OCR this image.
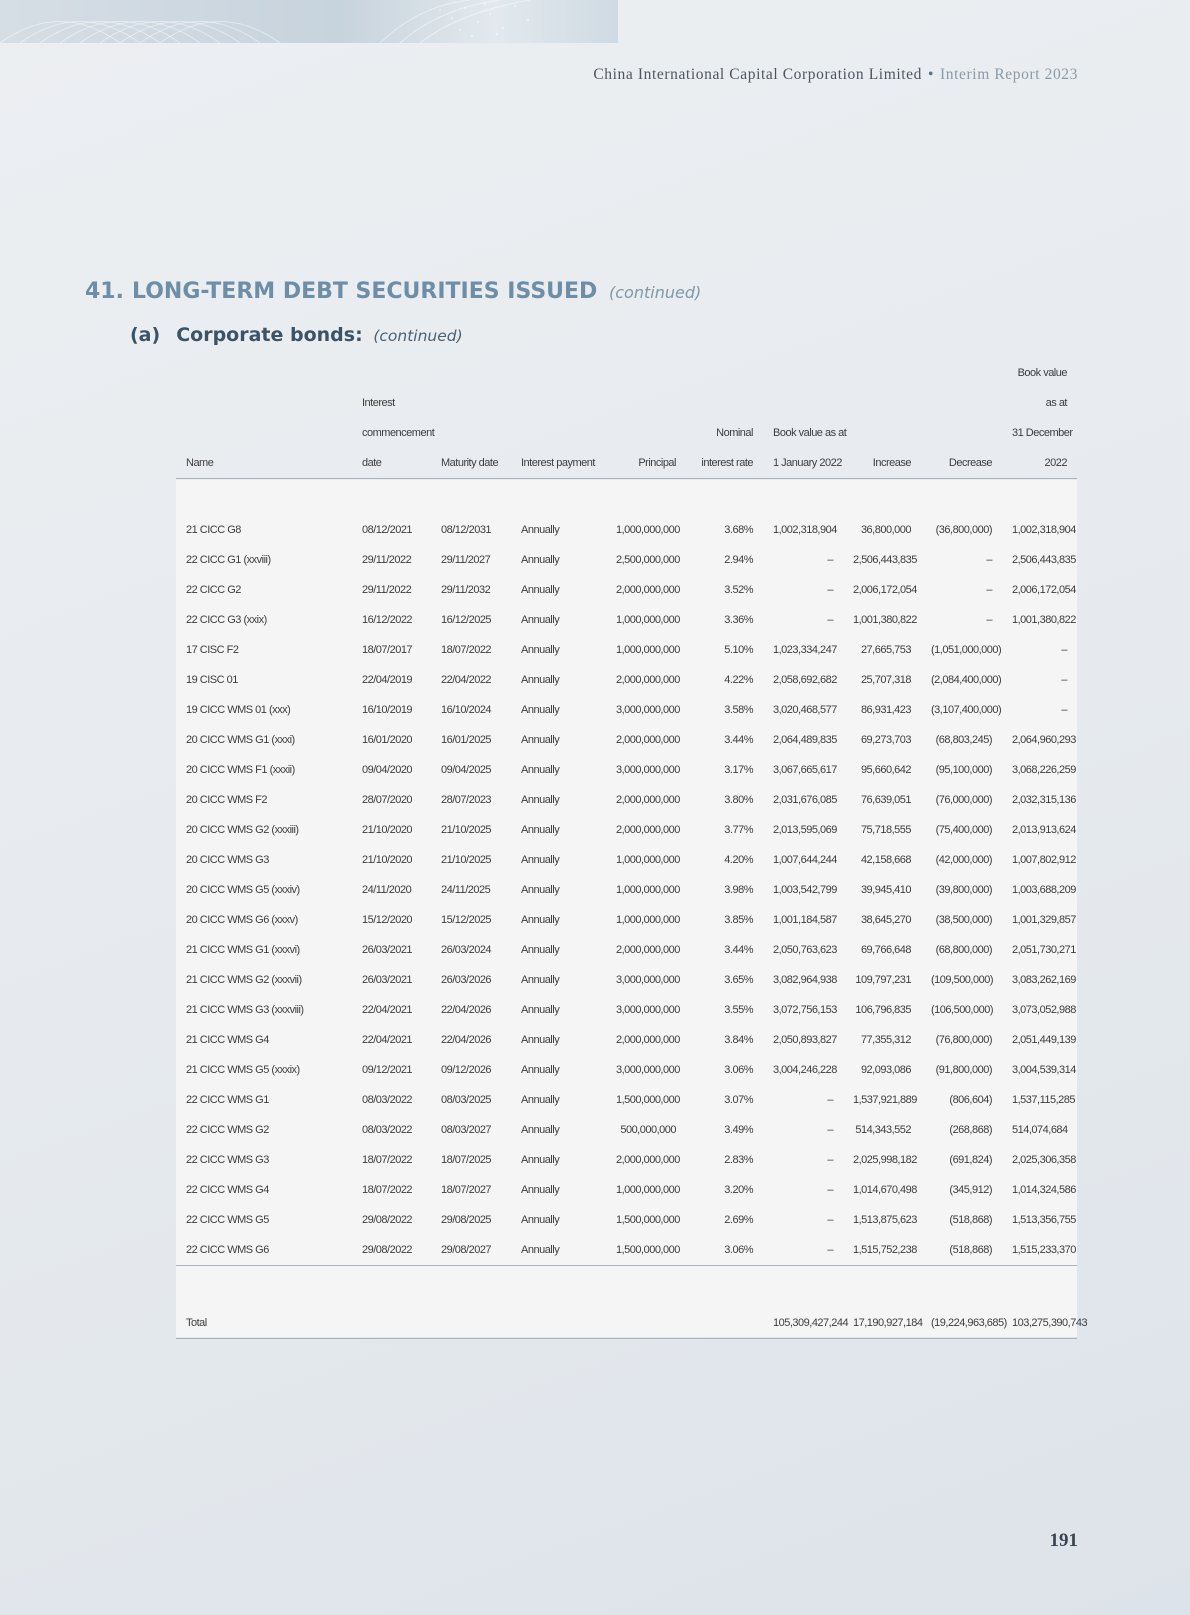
China International Capital Corporation Limited • Interim Report 2023
41. LONG-TERM DEBT SECURITIES ISSUED (continued)
(a) Corporate bonds: (continued)
									Book value
	Interest								as at
	commencement				Nominal	Book value as at			31 December
Name	date	Maturity date	Interest payment	Principal	interest rate	1 January 2022	Increase	Decrease	2022

21 CICC G8	08/12/2021	08/12/2031	Annually	1,000,000,000	3.68%	1,002,318,904	36,800,000	(36,800,000)	1,002,318,904
22 CICC G1 (xxviii)	29/11/2022	29/11/2027	Annually	2,500,000,000	2.94%	–	2,506,443,835	–	2,506,443,835
22 CICC G2	29/11/2022	29/11/2032	Annually	2,000,000,000	3.52%	–	2,006,172,054	–	2,006,172,054
22 CICC G3 (xxix)	16/12/2022	16/12/2025	Annually	1,000,000,000	3.36%	–	1,001,380,822	–	1,001,380,822
17 CISC F2	18/07/2017	18/07/2022	Annually	1,000,000,000	5.10%	1,023,334,247	27,665,753	(1,051,000,000)	–
19 CISC 01	22/04/2019	22/04/2022	Annually	2,000,000,000	4.22%	2,058,692,682	25,707,318	(2,084,400,000)	–
19 CICC WMS 01 (xxx)	16/10/2019	16/10/2024	Annually	3,000,000,000	3.58%	3,020,468,577	86,931,423	(3,107,400,000)	–
20 CICC WMS G1 (xxxi)	16/01/2020	16/01/2025	Annually	2,000,000,000	3.44%	2,064,489,835	69,273,703	(68,803,245)	2,064,960,293
20 CICC WMS F1 (xxxii)	09/04/2020	09/04/2025	Annually	3,000,000,000	3.17%	3,067,665,617	95,660,642	(95,100,000)	3,068,226,259
20 CICC WMS F2	28/07/2020	28/07/2023	Annually	2,000,000,000	3.80%	2,031,676,085	76,639,051	(76,000,000)	2,032,315,136
20 CICC WMS G2 (xxxiii)	21/10/2020	21/10/2025	Annually	2,000,000,000	3.77%	2,013,595,069	75,718,555	(75,400,000)	2,013,913,624
20 CICC WMS G3	21/10/2020	21/10/2025	Annually	1,000,000,000	4.20%	1,007,644,244	42,158,668	(42,000,000)	1,007,802,912
20 CICC WMS G5 (xxxiv)	24/11/2020	24/11/2025	Annually	1,000,000,000	3.98%	1,003,542,799	39,945,410	(39,800,000)	1,003,688,209
20 CICC WMS G6 (xxxv)	15/12/2020	15/12/2025	Annually	1,000,000,000	3.85%	1,001,184,587	38,645,270	(38,500,000)	1,001,329,857
21 CICC WMS G1 (xxxvi)	26/03/2021	26/03/2024	Annually	2,000,000,000	3.44%	2,050,763,623	69,766,648	(68,800,000)	2,051,730,271
21 CICC WMS G2 (xxxvii)	26/03/2021	26/03/2026	Annually	3,000,000,000	3.65%	3,082,964,938	109,797,231	(109,500,000)	3,083,262,169
21 CICC WMS G3 (xxxviii)	22/04/2021	22/04/2026	Annually	3,000,000,000	3.55%	3,072,756,153	106,796,835	(106,500,000)	3,073,052,988
21 CICC WMS G4	22/04/2021	22/04/2026	Annually	2,000,000,000	3.84%	2,050,893,827	77,355,312	(76,800,000)	2,051,449,139
21 CICC WMS G5 (xxxix)	09/12/2021	09/12/2026	Annually	3,000,000,000	3.06%	3,004,246,228	92,093,086	(91,800,000)	3,004,539,314
22 CICC WMS G1	08/03/2022	08/03/2025	Annually	1,500,000,000	3.07%	–	1,537,921,889	(806,604)	1,537,115,285
22 CICC WMS G2	08/03/2022	08/03/2027	Annually	500,000,000	3.49%	–	514,343,552	(268,868)	514,074,684
22 CICC WMS G3	18/07/2022	18/07/2025	Annually	2,000,000,000	2.83%	–	2,025,998,182	(691,824)	2,025,306,358
22 CICC WMS G4	18/07/2022	18/07/2027	Annually	1,000,000,000	3.20%	–	1,014,670,498	(345,912)	1,014,324,586
22 CICC WMS G5	29/08/2022	29/08/2025	Annually	1,500,000,000	2.69%	–	1,513,875,623	(518,868)	1,513,356,755
22 CICC WMS G6	29/08/2022	29/08/2027	Annually	1,500,000,000	3.06%	–	1,515,752,238	(518,868)	1,515,233,370

Total						105,309,427,244	17,190,927,184	(19,224,963,685)	103,275,390,743
191
